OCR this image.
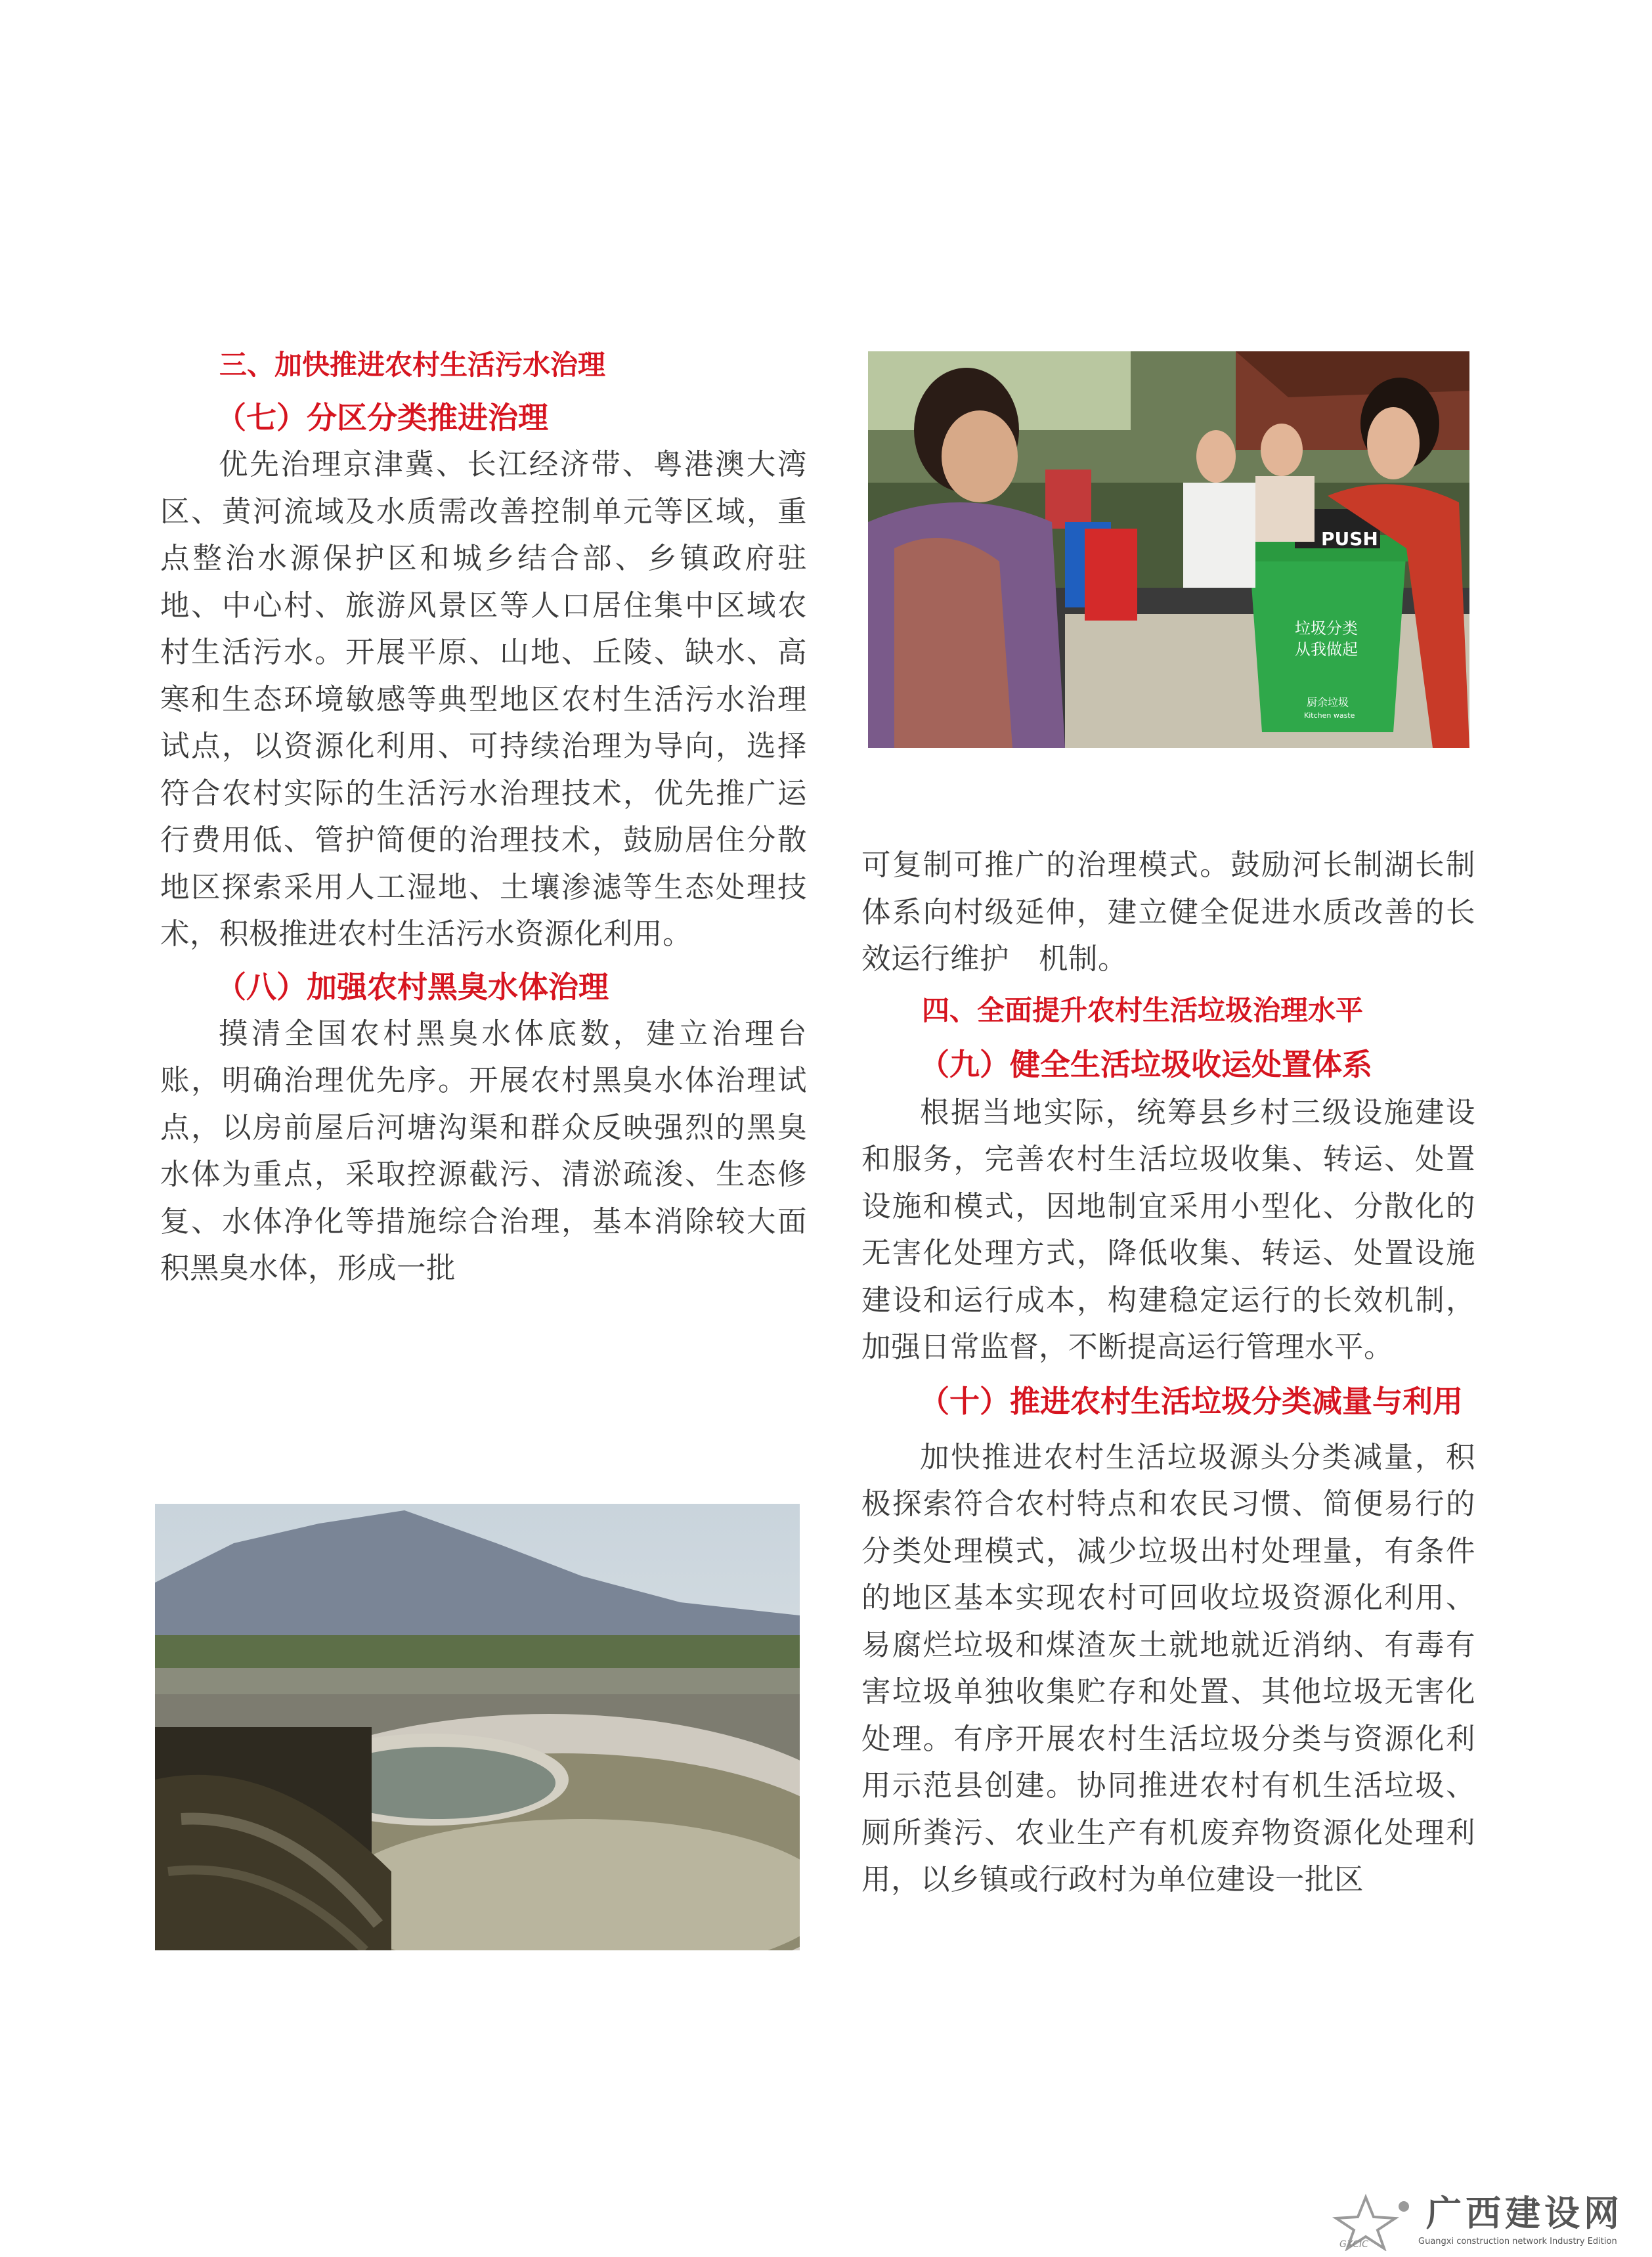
三、加快推进农村生活污水治理
（七）分区分类推进治理

优先治理京津冀、长江经济带、粤港澳大湾区、黄河流域及水质需改善控制单元等区域，重点整治水源保护区和城乡结合部、乡镇政府驻地、中心村、旅游风景区等人口居住集中区域农村生活污水。开展平原、山地、丘陵、缺水、高寒和生态环境敏感等典型地区农村生活污水治理试点，以资源化利用、可持续治理为导向，选择符合农村实际的生活污水治理技术，优先推广运行费用低、管护简便的治理技术，鼓励居住分散地区探索采用人工湿地、土壤渗滤等生态处理技术，积极推进农村生活污水资源化利用。

（八）加强农村黑臭水体治理

摸清全国农村黑臭水体底数，建立治理台账，明确治理优先序。开展农村黑臭水体治理试点，以房前屋后河塘沟渠和群众反映强烈的黑臭水体为重点，采取控源截污、清淤疏浚、生态修复、水体净化等措施综合治理，基本消除较大面积黑臭水体，形成一批

PUSH
垃圾分类
从我做起
厨余垃圾
Kitchen waste

可复制可推广的治理模式。鼓励河长制湖长制体系向村级延伸，建立健全促进水质改善的长效运行维护　机制。

四、全面提升农村生活垃圾治理水平
（九）健全生活垃圾收运处置体系

根据当地实际，统筹县乡村三级设施建设和服务，完善农村生活垃圾收集、转运、处置设施和模式，因地制宜采用小型化、分散化的无害化处理方式，降低收集、转运、处置设施建设和运行成本，构建稳定运行的长效机制，加强日常监督，不断提高运行管理水平。

（十）推进农村生活垃圾分类减量与利用

加快推进农村生活垃圾源头分类减量，积极探索符合农村特点和农民习惯、简便易行的分类处理模式，减少垃圾出村处理量，有条件的地区基本实现农村可回收垃圾资源化利用、易腐烂垃圾和煤渣灰土就地就近消纳、有毒有害垃圾单独收集贮存和处置、其他垃圾无害化处理。有序开展农村生活垃圾分类与资源化利用示范县创建。协同推进农村有机生活垃圾、厕所粪污、农业生产有机废弃物资源化处理利用，以乡镇或行政村为单位建设一批区

广西建设网
Guangxi construction network Industry Edition
GXCIC
